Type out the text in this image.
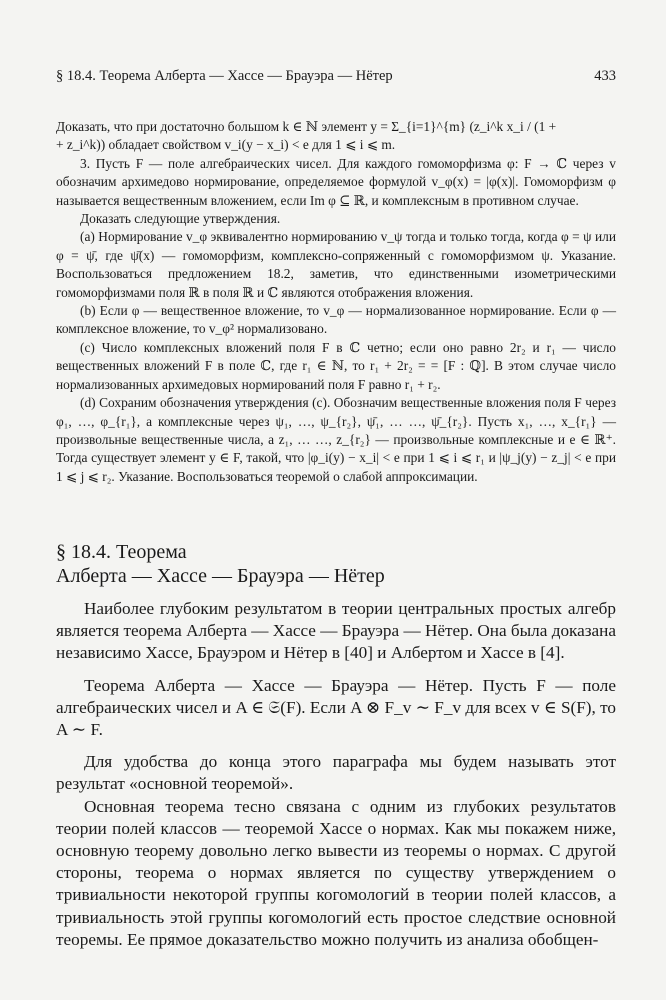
§ 18.4. Теорема Алберта — Хассе — Брауэра — Нётер	433

Доказать, что при достаточно большом k ∈ ℕ элемент y = Σ_{i=1}^{m} (z_i^k x_i / (1 +

+ z_i^k)) обладает свойством v_i(y − x_i) < e для 1 ⩽ i ⩽ m.

3. Пусть F — поле алгебраических чисел. Для каждого гомоморфизма φ: F → ℂ через v обозначим архимедово нормирование, определяемое формулой v_φ(x) = |φ(x)|. Гомоморфизм φ называется вещественным вложением, если Im φ ⊆ ℝ, и комплексным в противном случае.

Доказать следующие утверждения.

(a) Нормирование v_φ эквивалентно нормированию v_ψ тогда и только тогда, когда φ = ψ или φ = ψ̄, где ψ̄(x) — гомоморфизм, комплексно-сопряженный с гомоморфизмом ψ. Указание. Воспользоваться предложением 18.2, заметив, что единственными изометрическими гомоморфизмами поля ℝ в поля ℝ и ℂ являются отображения вложения.

(b) Если φ — вещественное вложение, то v_φ — нормализованное нормирование. Если φ — комплексное вложение, то v_φ² нормализовано.

(c) Число комплексных вложений поля F в ℂ четно; если оно равно 2r₂ и r₁ — число вещественных вложений F в поле ℂ, где r₁ ∈ ℕ, то r₁ + 2r₂ = = [F : ℚ]. В этом случае число нормализованных архимедовых нормирований поля F равно r₁ + r₂.

(d) Сохраним обозначения утверждения (c). Обозначим вещественные вложения поля F через φ₁, …, φ_{r₁}, а комплексные через ψ₁, …, ψ_{r₂}, ψ̄₁, … …, ψ̄_{r₂}. Пусть x₁, …, x_{r₁} — произвольные вещественные числа, а z₁, … …, z_{r₂} — произвольные комплексные и e ∈ ℝ⁺. Тогда существует элемент y ∈ F, такой, что |φ_i(y) − x_i| < e при 1 ⩽ i ⩽ r₁ и |ψ_j(y) − z_j| < e при 1 ⩽ j ⩽ r₂. Указание. Воспользоваться теоремой о слабой аппроксимации.

§ 18.4. Теорема
Алберта — Хассе — Брауэра — Нётер

Наиболее глубоким результатом в теории центральных простых алгебр является теорема Алберта — Хассе — Брауэра — Нётер. Она была доказана независимо Хассе, Брауэром и Нётер в [40] и Албертом и Хассе в [4].

Теорема Алберта — Хассе — Брауэра — Нётер. Пусть F — поле алгебраических чисел и A ∈ 𝔖(F). Если A ⊗ F_v ∼ F_v для всех v ∈ S(F), то A ∼ F.

Для удобства до конца этого параграфа мы будем называть этот результат «основной теоремой».

Основная теорема тесно связана с одним из глубоких результатов теории полей классов — теоремой Хассе о нормах. Как мы покажем ниже, основную теорему довольно легко вывести из теоремы о нормах. С другой стороны, теорема о нормах является по существу утверждением о тривиальности некоторой группы когомологий в теории полей классов, а тривиальность этой группы когомологий есть простое следствие основной теоремы. Ее прямое доказательство можно получить из анализа обобщен-
